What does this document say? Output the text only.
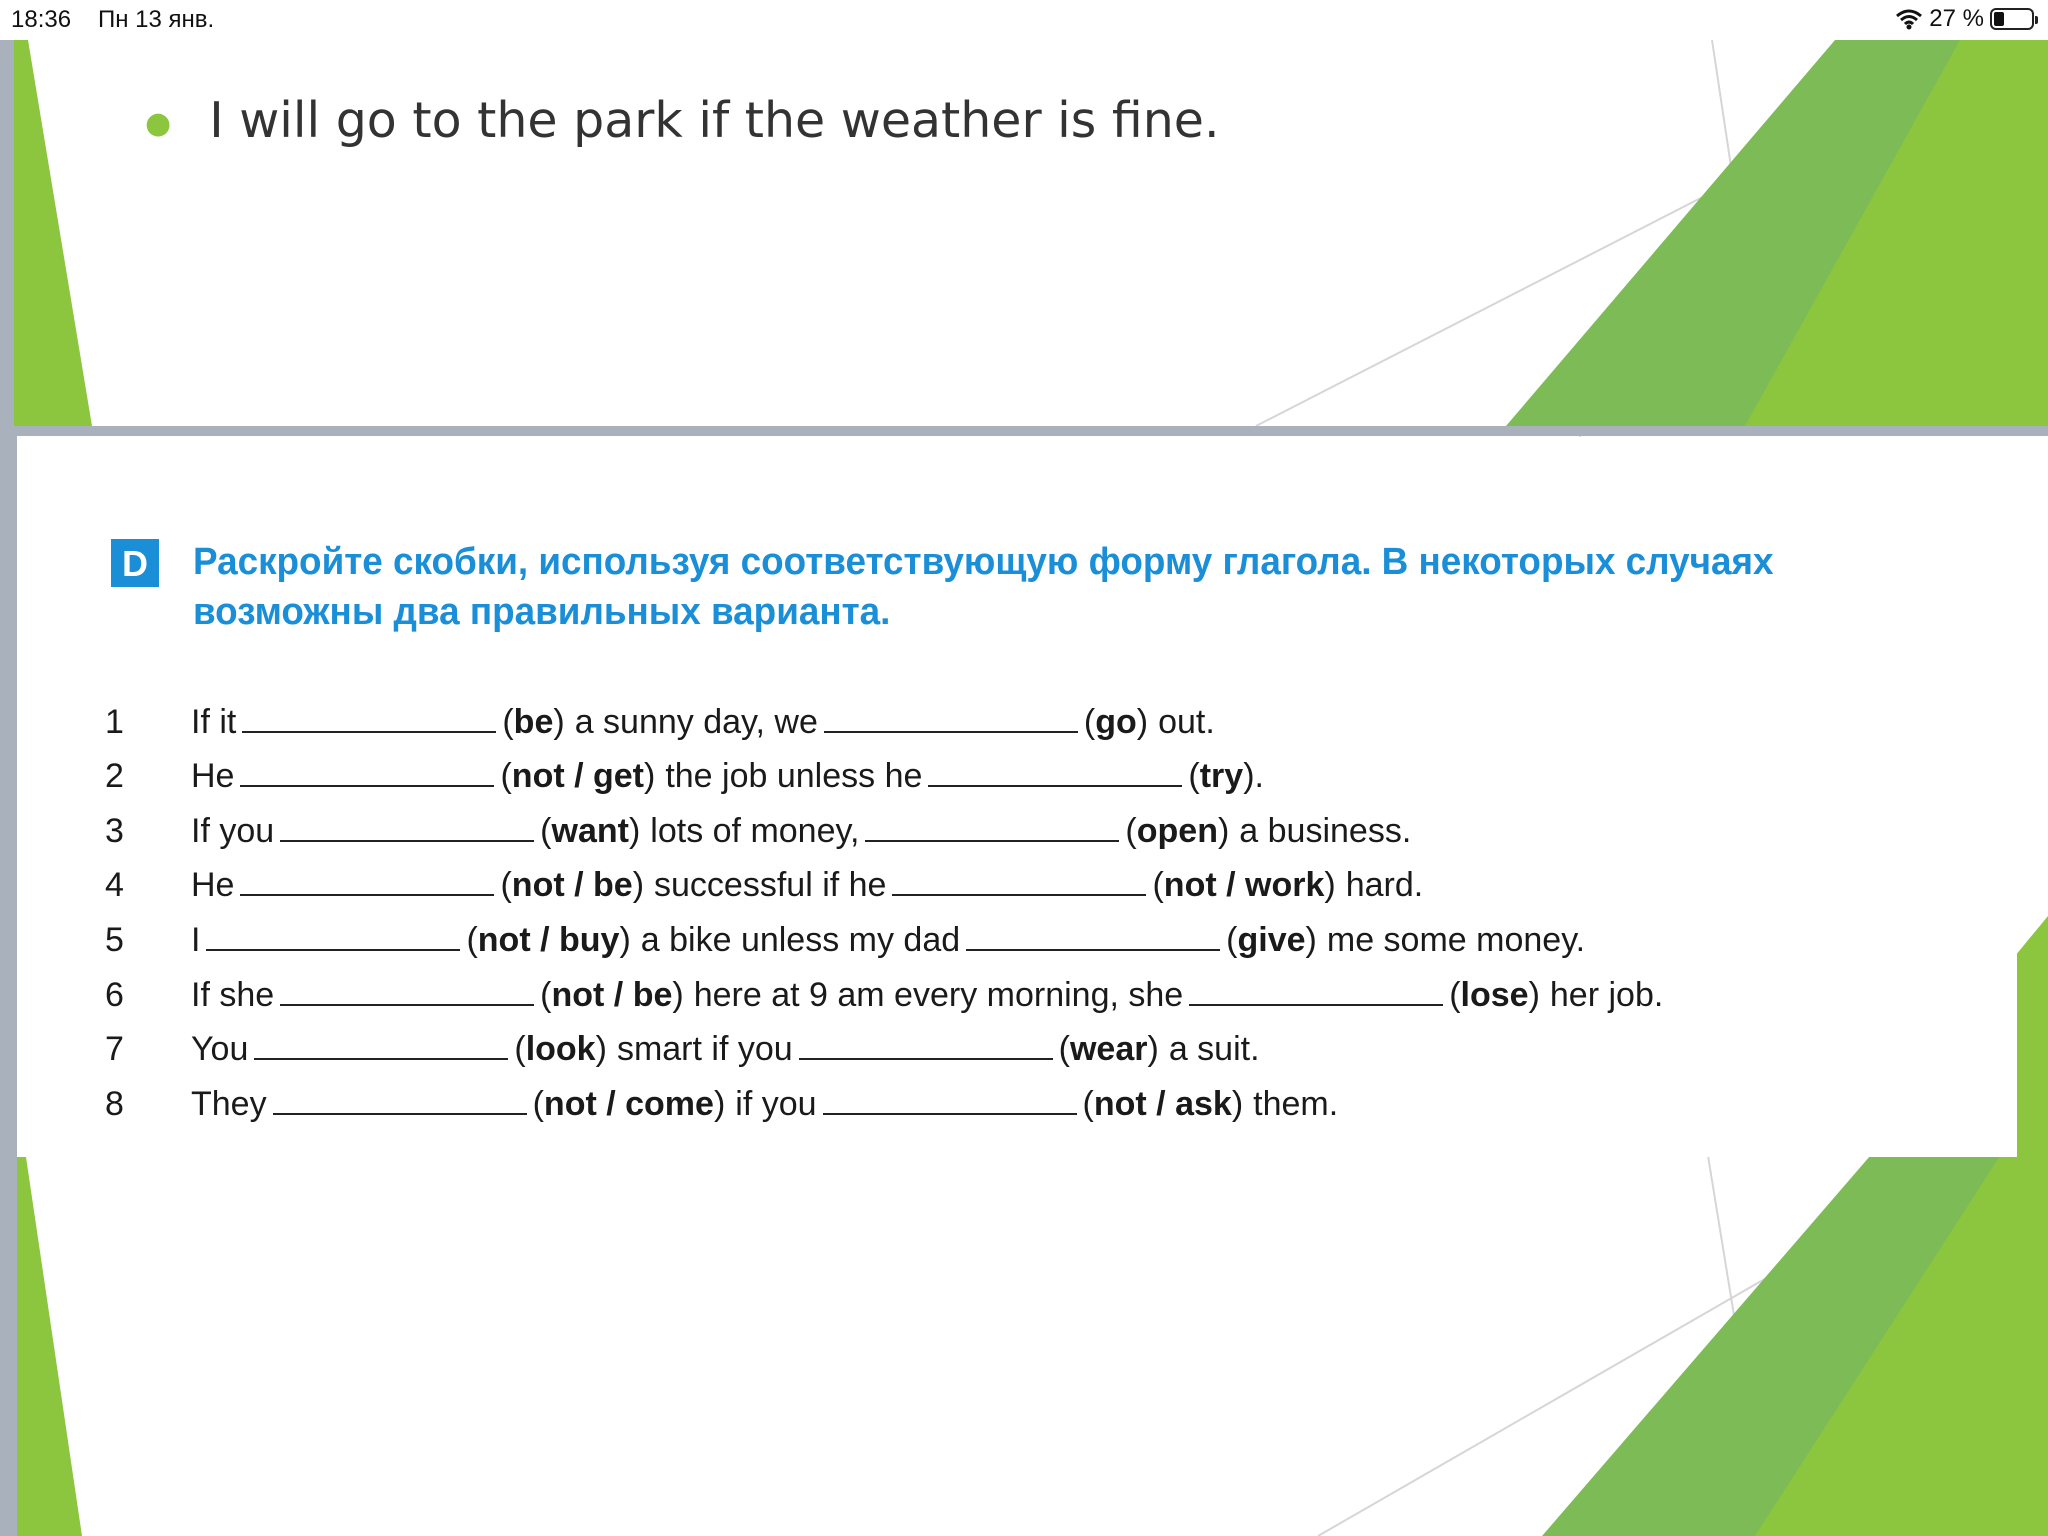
18:36 Пн 13 янв.	27 %
● I will go to the park if the weather is fine.
D Раскройте скобки, используя соответствующую форму глагола. В некоторых случаях возможны два правильных варианта.
1	If it	(be) a sunny day, we	(go) out.
2	He	(not / get) the job unless he	(try) .
3	If you	(want) lots of money,	(open) a business.
4	He	(not / be) successful if he	(not / work) hard.
5	I	(not / buy) a bike unless my dad	(give) me some money.
6	If she	(not / be) here at 9 am every morning, she	(lose) her job.
7	You	(look) smart if you	(wear) a suit.
8	They	(not / come) if you	(not / ask) them.
